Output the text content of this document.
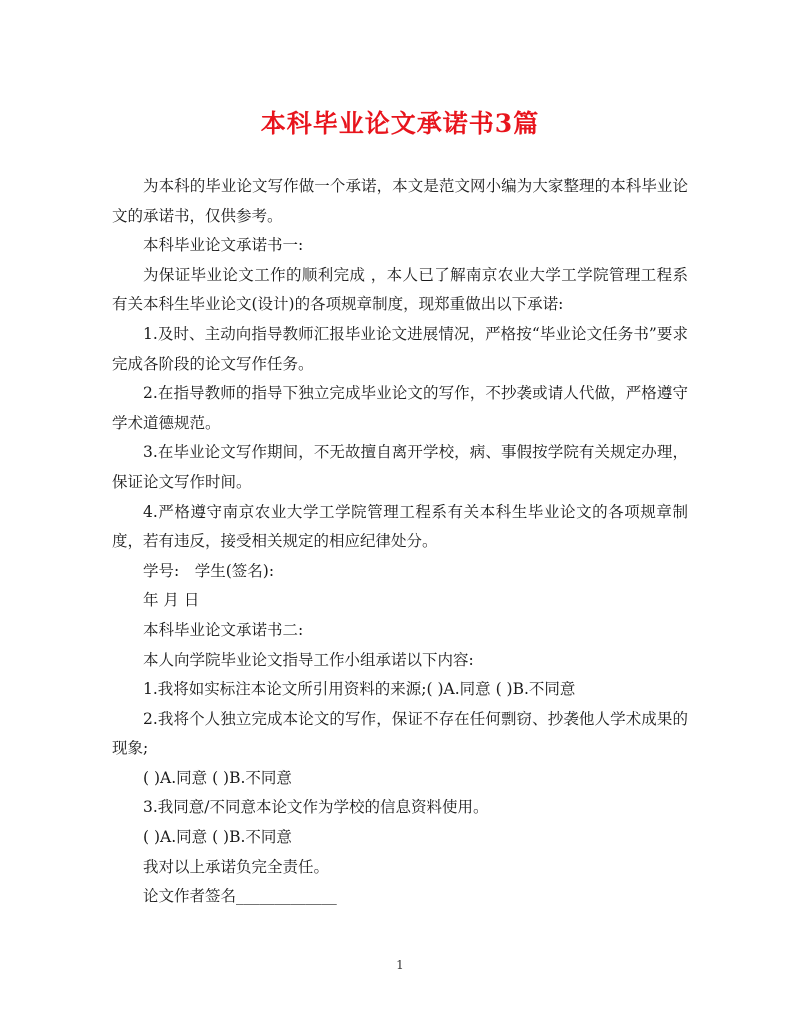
本科毕业论文承诺书3篇

为本科的毕业论文写作做一个承诺，本文是范文网小编为大家整理的本科毕业论文的承诺书，仅供参考。

本科毕业论文承诺书一:

为保证毕业论文工作的顺利完成 ，本人已了解南京农业大学工学院管理工程系有关本科生毕业论文(设计)的各项规章制度，现郑重做出以下承诺:

1.及时、主动向指导教师汇报毕业论文进展情况，严格按“毕业论文任务书”要求完成各阶段的论文写作任务。

2.在指导教师的指导下独立完成毕业论文的写作，不抄袭或请人代做，严格遵守学术道德规范。

3.在毕业论文写作期间，不无故擅自离开学校，病、事假按学院有关规定办理，保证论文写作时间。

4.严格遵守南京农业大学工学院管理工程系有关本科生毕业论文的各项规章制度，若有违反，接受相关规定的相应纪律处分。

学号:　学生(签名):

年 月 日

本科毕业论文承诺书二:

本人向学院毕业论文指导工作小组承诺以下内容:

1.我将如实标注本论文所引用资料的来源;( )A.同意 ( )B.不同意

2.我将个人独立完成本论文的写作，保证不存在任何剽窃、抄袭他人学术成果的现象;

( )A.同意 ( )B.不同意

3.我同意/不同意本论文作为学校的信息资料使用。

( )A.同意 ( )B.不同意

我对以上承诺负完全责任。

论文作者签名_____________

1
